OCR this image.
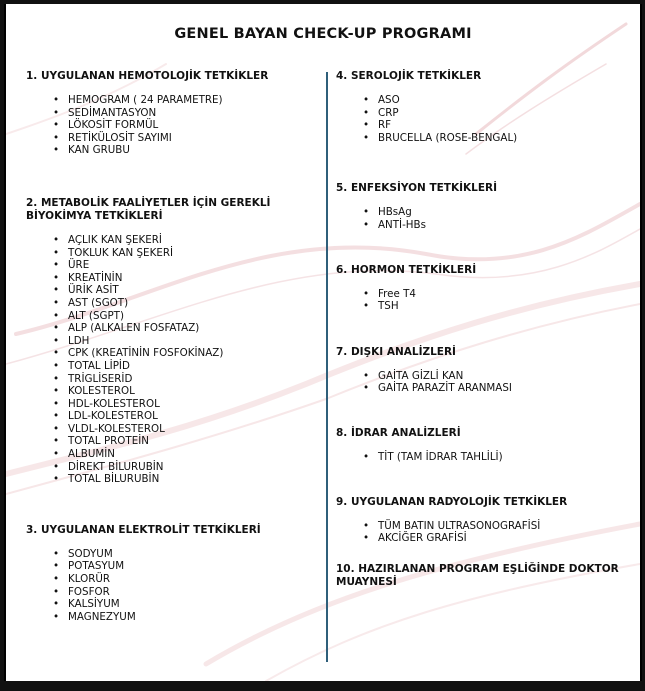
GENEL BAYAN CHECK-UP PROGRAMI
1. UYGULANAN HEMOTOLOJİK TETKİKLER
• HEMOGRAM ( 24 PARAMETRE)
• SEDİMANTASYON
• LÖKOSİT FORMÜL
• RETİKÜLOSİT SAYIMI
• KAN GRUBU
2. METABOLİK FAALİYETLER İÇİN GEREKLİ BİYOKİMYA TETKİKLERİ
• AÇLIK KAN ŞEKERİ
• TOKLUK KAN ŞEKERİ
• ÜRE
• KREATİNİN
• ÜRİK ASİT
• AST (SGOT)
• ALT (SGPT)
• ALP (ALKALEN FOSFATAZ)
• LDH
• CPK (KREATİNİN FOSFOKİNAZ)
• TOTAL LİPİD
• TRİGLİSERİD
• KOLESTEROL
• HDL-KOLESTEROL
• LDL-KOLESTEROL
• VLDL-KOLESTEROL
• TOTAL PROTEİN
• ALBUMİN
• DİREKT BİLURUBİN
• TOTAL BİLURUBİN
3. UYGULANAN ELEKTROLİT TETKİKLERİ
• SODYUM
• POTASYUM
• KLORÜR
• FOSFOR
• KALSİYUM
• MAGNEZYUM
4. SEROLOJİK TETKİKLER
• ASO
• CRP
• RF
• BRUCELLA (ROSE-BENGAL)
5. ENFEKSİYON TETKİKLERİ
• HBsAg
• ANTİ-HBs
6. HORMON TETKİKLERİ
• Free T4
• TSH
7. DIŞKI ANALİZLERİ
• GAİTA GİZLİ KAN
• GAİTA PARAZİT ARANMASI
8. İDRAR ANALİZLERİ
• TİT (TAM İDRAR TAHLİLİ)
9. UYGULANAN RADYOLOJİK TETKİKLER
• TÜM BATIN ULTRASONOGRAFİSİ
• AKCİĞER GRAFİSİ
10. HAZIRLANAN PROGRAM EŞLİĞİNDE DOKTOR MUAYNESİ
